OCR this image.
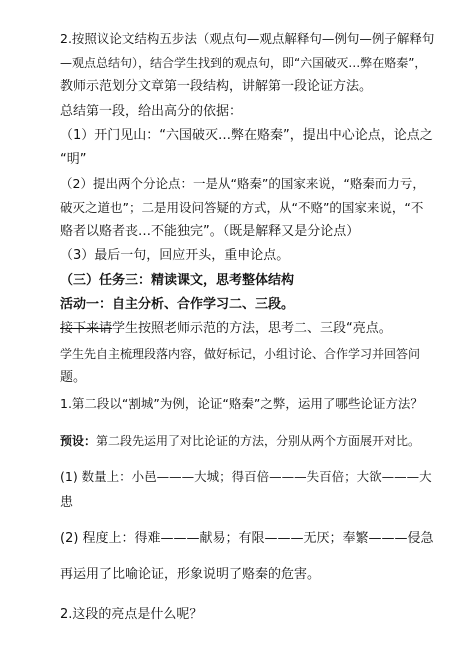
2.按照议论文结构五步法（观点句—观点解释句—例句—例子解释句
—观点总结句），结合学生找到的观点句，即“六国破灭…弊在赂秦”，
教师示范划分文章第一段结构，讲解第一段论证方法。
总结第一段，给出高分的依据：
（1）开门见山：“六国破灭…弊在赂秦”，提出中心论点，论点之
“明”
（2）提出两个分论点：一是从“赂秦”的国家来说，“赂秦而力亏，
破灭之道也”；二是用设问答疑的方式，从“不赂”的国家来说，“不
赂者以赂者丧…不能独完”。（既是解释又是分论点）
（3）最后一句，回应开头，重申论点。
（三）任务三：精读课文，思考整体结构
活动一：自主分析、合作学习二、三段。
接下来请学生按照老师示范的方法，思考二、三段“亮点。
学生先自主梳理段落内容，做好标记，小组讨论、合作学习并回答问
题。
1.第二段以“割城”为例，论证“赂秦”之弊，运用了哪些论证方法？
预设：第二段先运用了对比论证的方法，分别从两个方面展开对比。
(1) 数量上：小邑———大城；得百倍———失百倍；大欲———大
患
(2) 程度上：得难———献易；有限———无厌；奉繁———侵急
再运用了比喻论证，形象说明了赂秦的危害。
2.这段的亮点是什么呢？
